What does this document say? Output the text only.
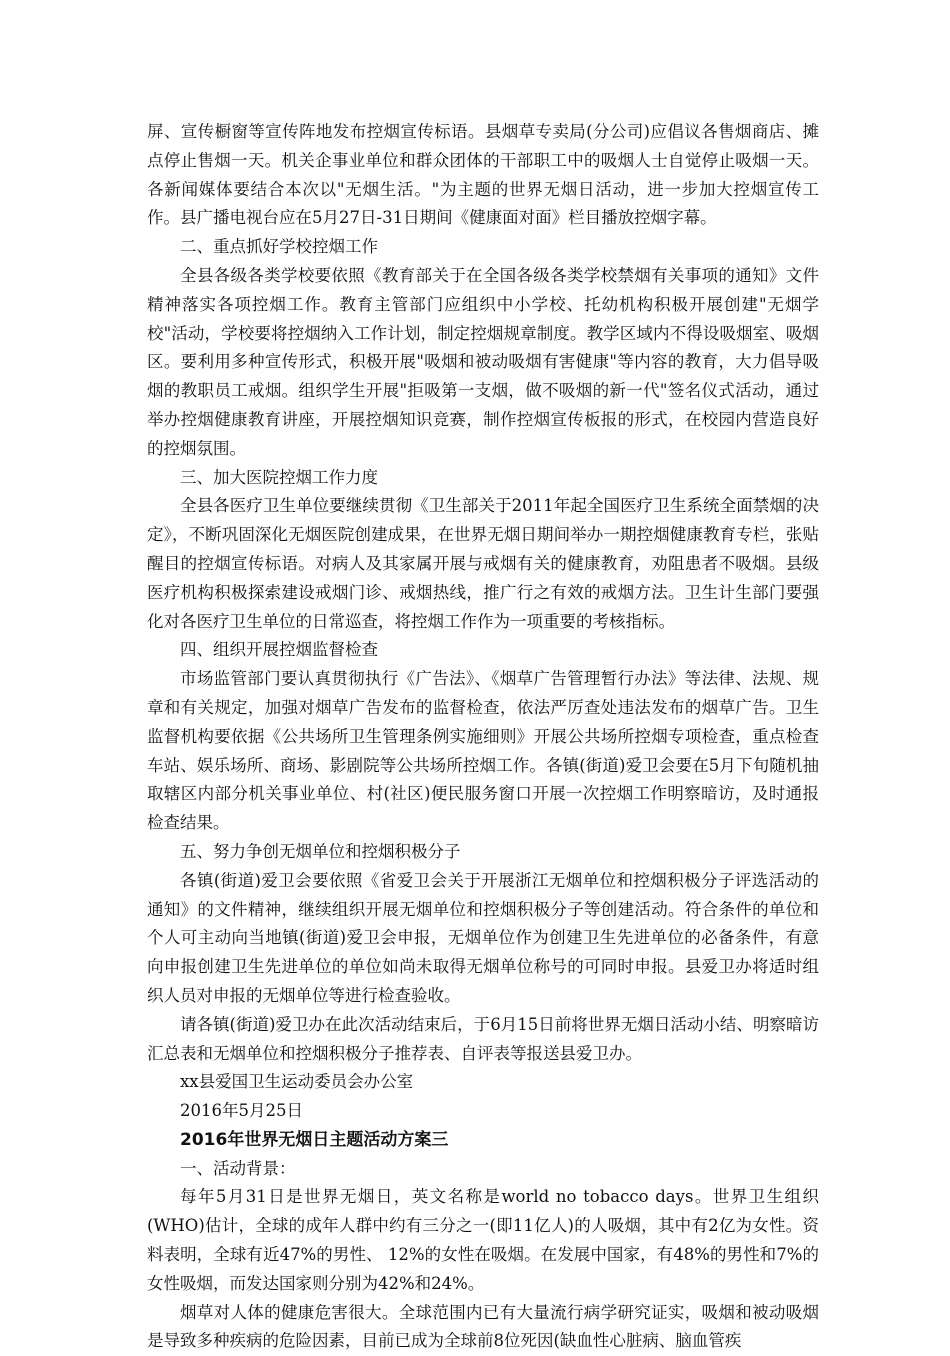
屏、宣传橱窗等宣传阵地发布控烟宣传标语。县烟草专卖局(分公司)应倡议各售烟商店、摊点停止售烟一天。机关企事业单位和群众团体的干部职工中的吸烟人士自觉停止吸烟一天。各新闻媒体要结合本次以"无烟生活。"为主题的世界无烟日活动，进一步加大控烟宣传工作。县广播电视台应在5月27日-31日期间《健康面对面》栏目播放控烟字幕。

二、重点抓好学校控烟工作

全县各级各类学校要依照《教育部关于在全国各级各类学校禁烟有关事项的通知》文件精神落实各项控烟工作。教育主管部门应组织中小学校、托幼机构积极开展创建"无烟学校"活动，学校要将控烟纳入工作计划，制定控烟规章制度。教学区域内不得设吸烟室、吸烟区。要利用多种宣传形式，积极开展"吸烟和被动吸烟有害健康"等内容的教育，大力倡导吸烟的教职员工戒烟。组织学生开展"拒吸第一支烟，做不吸烟的新一代"签名仪式活动，通过举办控烟健康教育讲座，开展控烟知识竞赛，制作控烟宣传板报的形式，在校园内营造良好的控烟氛围。

三、加大医院控烟工作力度

全县各医疗卫生单位要继续贯彻《卫生部关于2011年起全国医疗卫生系统全面禁烟的决定》，不断巩固深化无烟医院创建成果，在世界无烟日期间举办一期控烟健康教育专栏，张贴醒目的控烟宣传标语。对病人及其家属开展与戒烟有关的健康教育，劝阻患者不吸烟。县级医疗机构积极探索建设戒烟门诊、戒烟热线，推广行之有效的戒烟方法。卫生计生部门要强化对各医疗卫生单位的日常巡查，将控烟工作作为一项重要的考核指标。

四、组织开展控烟监督检查

市场监管部门要认真贯彻执行《广告法》、《烟草广告管理暂行办法》等法律、法规、规章和有关规定，加强对烟草广告发布的监督检查，依法严厉查处违法发布的烟草广告。卫生监督机构要依据《公共场所卫生管理条例实施细则》开展公共场所控烟专项检查，重点检查车站、娱乐场所、商场、影剧院等公共场所控烟工作。各镇(街道)爱卫会要在5月下旬随机抽取辖区内部分机关事业单位、村(社区)便民服务窗口开展一次控烟工作明察暗访，及时通报检查结果。

五、努力争创无烟单位和控烟积极分子

各镇(街道)爱卫会要依照《省爱卫会关于开展浙江无烟单位和控烟积极分子评选活动的通知》的文件精神，继续组织开展无烟单位和控烟积极分子等创建活动。符合条件的单位和个人可主动向当地镇(街道)爱卫会申报，无烟单位作为创建卫生先进单位的必备条件，有意向申报创建卫生先进单位的单位如尚未取得无烟单位称号的可同时申报。县爱卫办将适时组织人员对申报的无烟单位等进行检查验收。

请各镇(街道)爱卫办在此次活动结束后，于6月15日前将世界无烟日活动小结、明察暗访汇总表和无烟单位和控烟积极分子推荐表、自评表等报送县爱卫办。

xx县爱国卫生运动委员会办公室

2016年5月25日

2016年世界无烟日主题活动方案三

一、活动背景：

每年5月31日是世界无烟日，英文名称是world no tobacco days。世界卫生组织(WHO)估计，全球的成年人群中约有三分之一(即11亿人)的人吸烟，其中有2亿为女性。资料表明，全球有近47%的男性、 12%的女性在吸烟。在发展中国家，有48%的男性和7%的女性吸烟，而发达国家则分别为42%和24%。

烟草对人体的健康危害很大。全球范围内已有大量流行病学研究证实，吸烟和被动吸烟是导致多种疾病的危险因素，目前已成为全球前8位死因(缺血性心脏病、脑血管疾
